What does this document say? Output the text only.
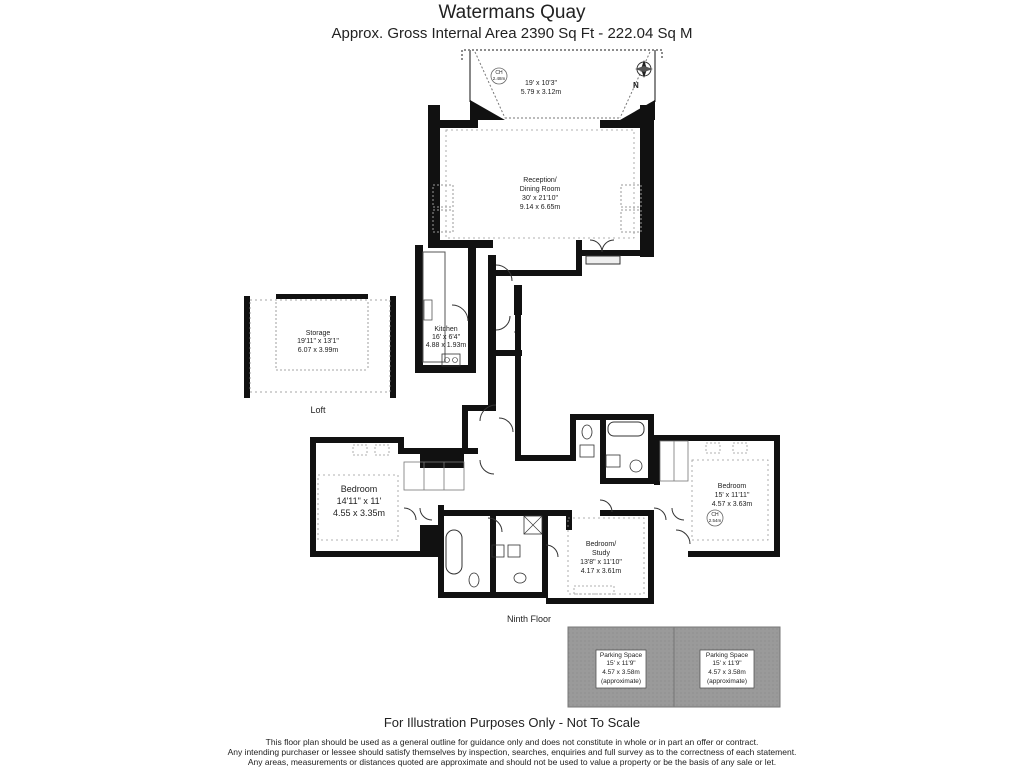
Watermans Quay
Approx. Gross Internal Area 2390 Sq Ft - 222.04 Sq M
CH
2.48m
19' x 10'3"
5.79 x 3.12m
N
Reception/
Dining Room
30' x 21'10"
9.14 x 6.65m
Kitchen
16' x 6'4"
4.88 x 1.93m
Storage
19'11" x 13'1"
6.07 x 3.99m
Loft
Bedroom
14'11" x 11'
4.55 x 3.35m
Bedroom/
Study
13'8" x 11'10"
4.17 x 3.61m
Bedroom
15' x 11'11"
4.57 x 3.63m
CH
2.54m
Ninth Floor
Parking Space
15' x 11'9"
4.57 x 3.58m
(approximate)
Parking Space
15' x 11'9"
4.57 x 3.58m
(approximate)
For Illustration Purposes Only - Not To Scale
This floor plan should be used as a general outline for guidance only and does not constitute in whole or in part an offer or contract.
Any intending purchaser or lessee should satisfy themselves by inspection, searches, enquiries and full survey as to the correctness of each statement.
Any areas, measurements or distances quoted are approximate and should not be used to value a property or be the basis of any sale or let.
